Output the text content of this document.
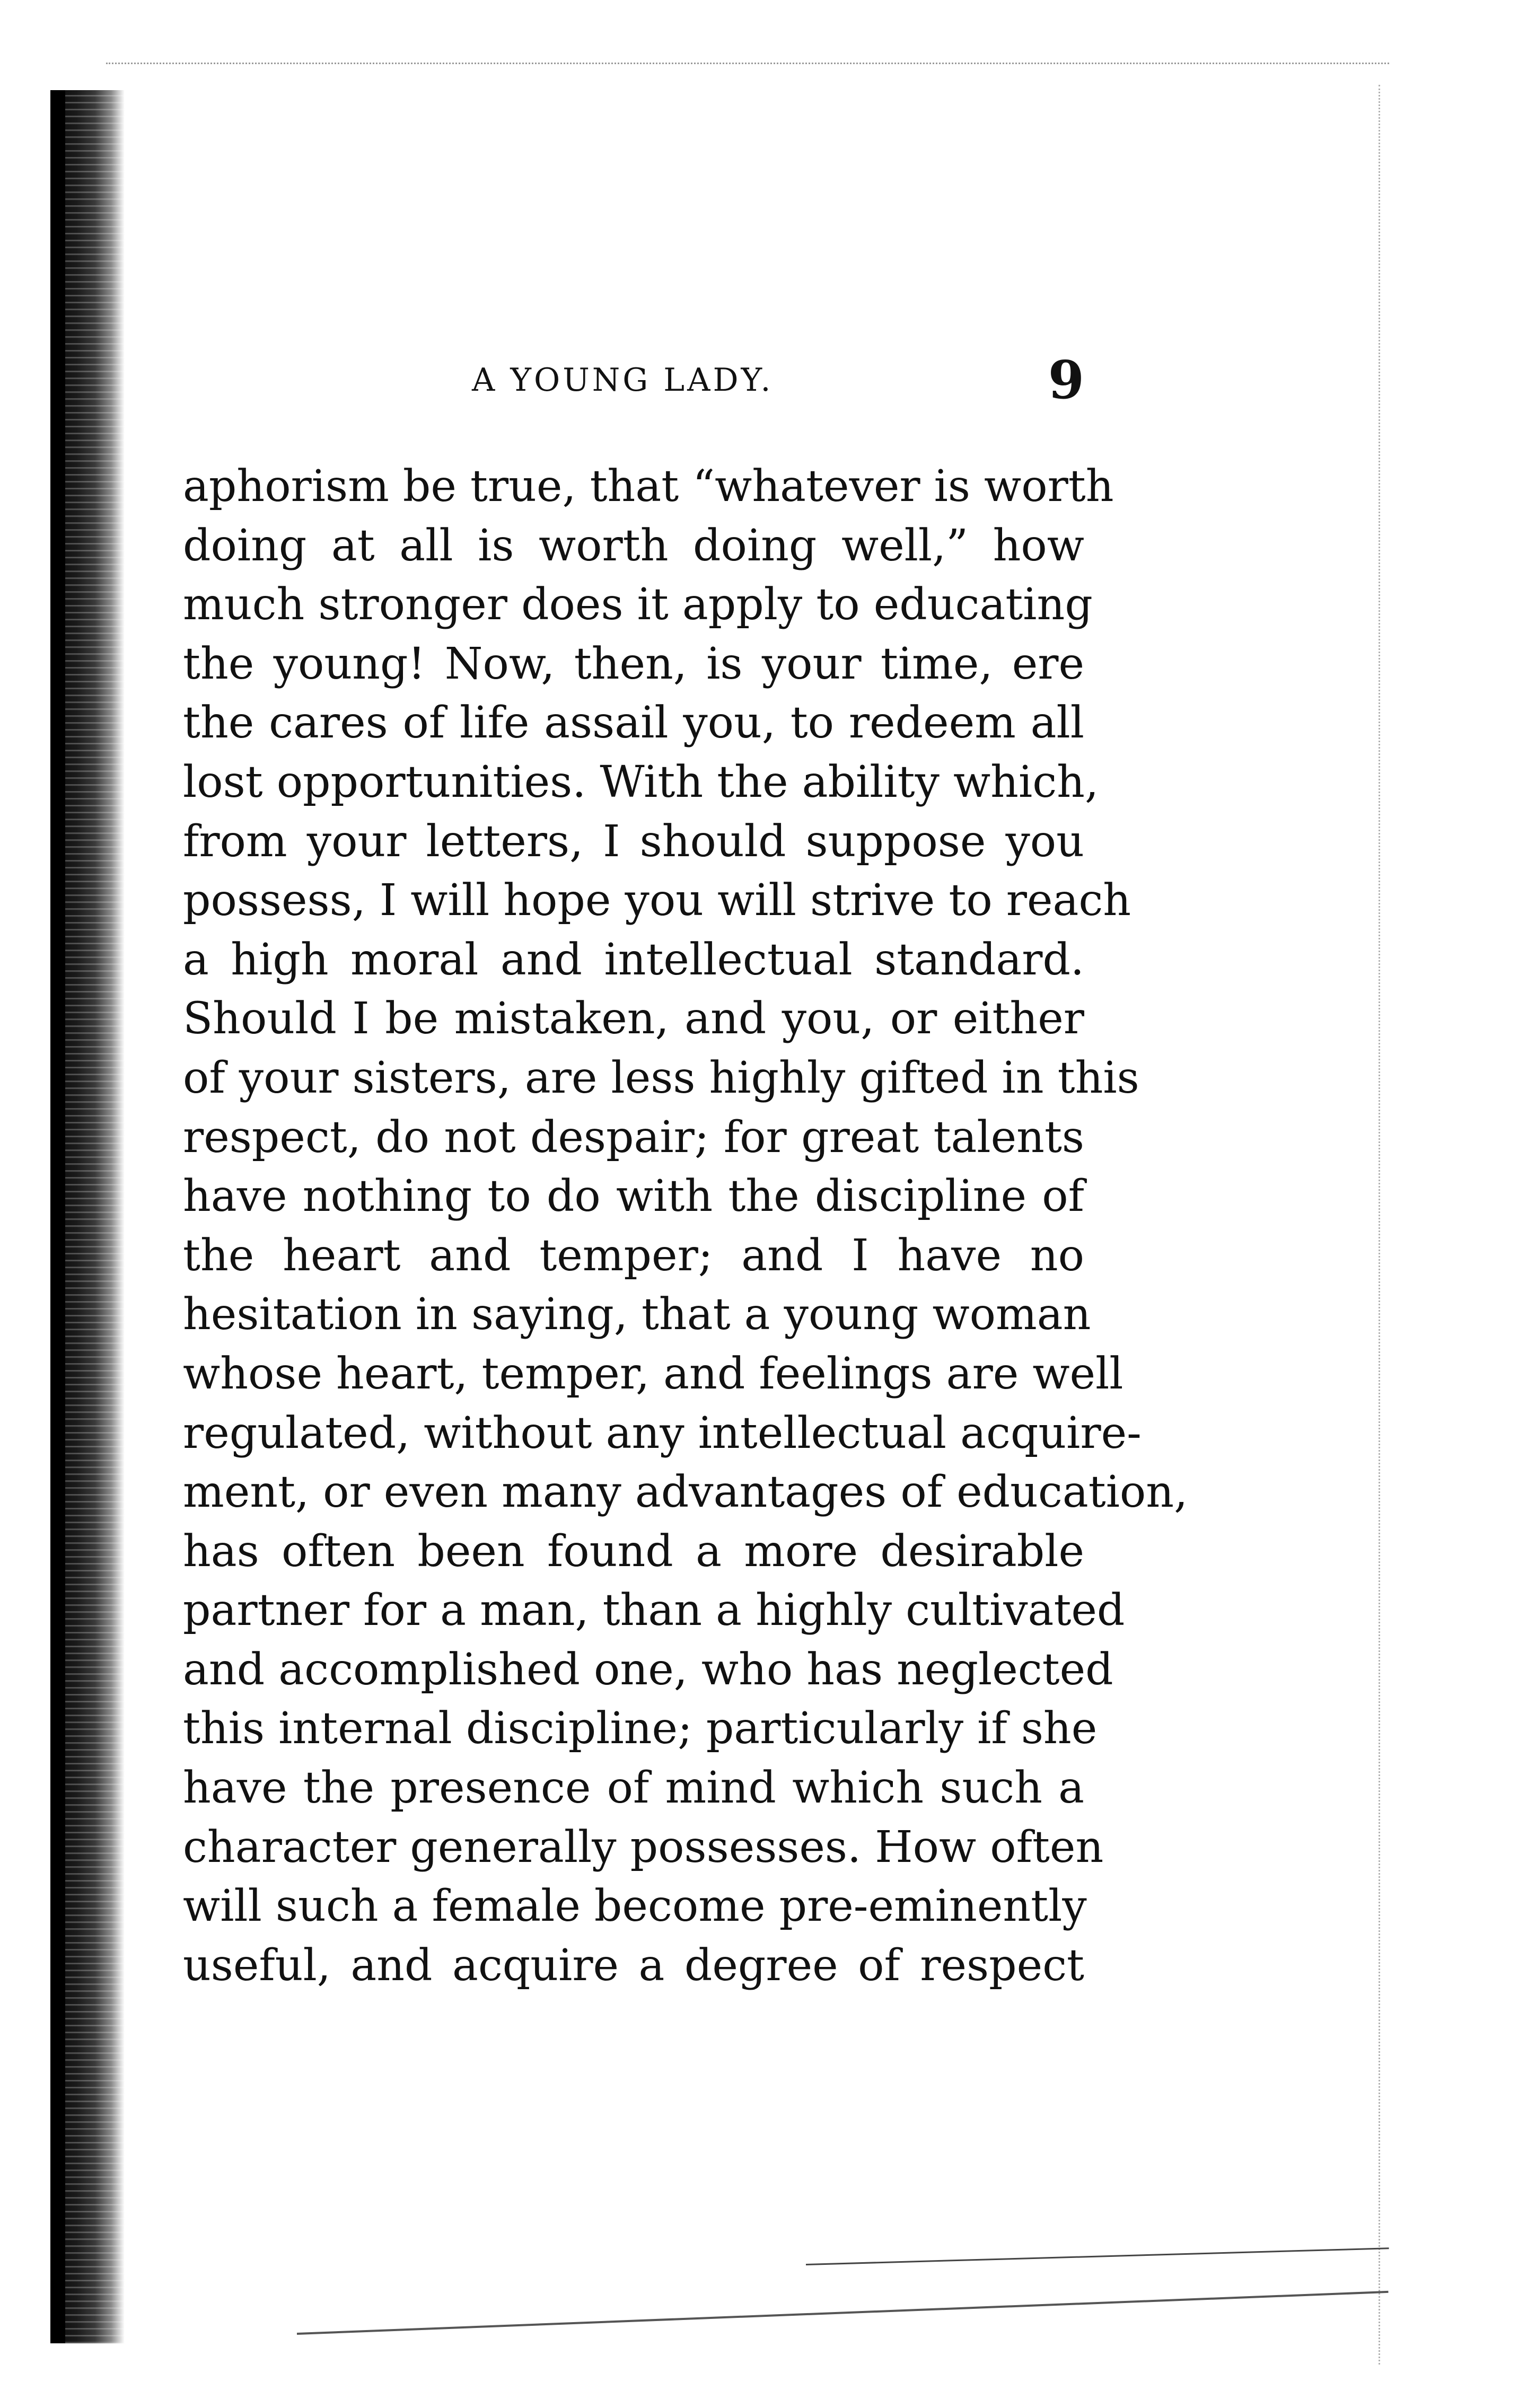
A YOUNG LADY.	9
aphorism be true, that “whatever is worth
doing at all is worth doing well,” how
much stronger does it apply to educating
the young! Now, then, is your time, ere
the cares of life assail you, to redeem all
lost opportunities. With the ability which,
from your letters, I should suppose you
possess, I will hope you will strive to reach
a high moral and intellectual standard.
Should I be mistaken, and you, or either
of your sisters, are less highly gifted in this
respect, do not despair; for great talents
have nothing to do with the discipline of
the heart and temper; and I have no
hesitation in saying, that a young woman
whose heart, temper, and feelings are well
regulated, without any intellectual acquire-
ment, or even many advantages of education,
has often been found a more desirable
partner for a man, than a highly cultivated
and accomplished one, who has neglected
this internal discipline; particularly if she
have the presence of mind which such a
character generally possesses. How often
will such a female become pre-eminently
useful, and acquire a degree of respect
